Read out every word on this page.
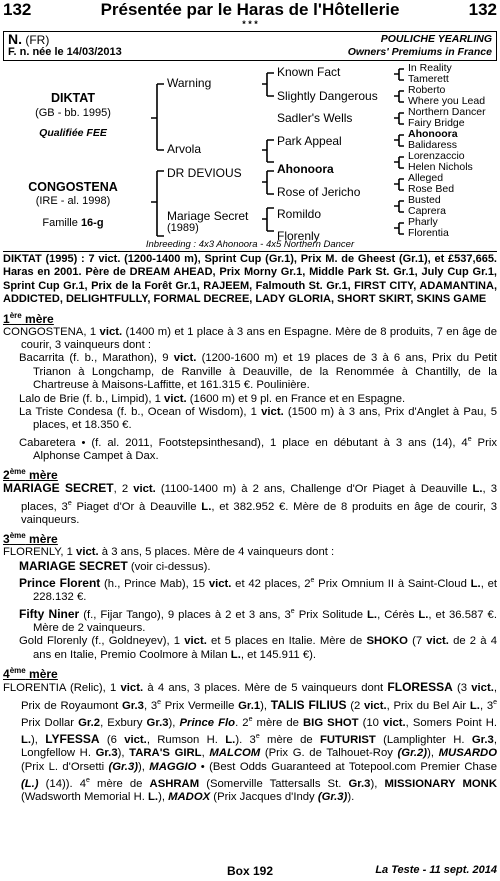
132	Présentée par le Haras de l'Hôtellerie	132
* * *
N. (FR)
F. n. née le 14/03/2013
POULICHE YEARLING
Owners' Premiums in France
DIKTAT
(GB - bb. 1995)
Qualifiée FEE
CONGOSTENA
(IRE - al. 1998)
Famille 16-g
Warning
Arvola
DR DEVIOUS
Mariage Secret
(1989)
Known Fact
Slightly Dangerous
Sadler's Wells
Park Appeal
Ahonoora
Rose of Jericho
Romildo
Florenly
In Reality
Tamerett
Roberto
Where you Lead
Northern Dancer
Fairy Bridge
Ahonoora
Balidaress
Lorenzaccio
Helen Nichols
Alleged
Rose Bed
Busted
Caprera
Pharly
Florentia
Inbreeding : 4x3 Ahonoora - 4x5 Northern Dancer

DIKTAT (1995) : 7 vict. (1200-1400 m), Sprint Cup (Gr.1), Prix M. de Gheest (Gr.1), et £537,665. Haras en 2001. Père de DREAM AHEAD, Prix Morny Gr.1, Middle Park St. Gr.1, July Cup Gr.1, Sprint Cup Gr.1, Prix de la Forêt Gr.1, RAJEEM, Falmouth St. Gr.1, FIRST CITY, ADAMANTINA, ADDICTED, DELIGHTFULLY, FORMAL DECREE, LADY GLORIA, SHORT SKIRT, SKINS GAME

1ère mère

CONGOSTENA, 1 vict. (1400 m) et 1 place à 3 ans en Espagne. Mère de 8 produits, 7 en âge de courir, 3 vainqueurs dont :

Bacarrita (f. b., Marathon), 9 vict. (1200-1600 m) et 19 places de 3 à 6 ans, Prix du Petit Trianon à Longchamp, de Ranville à Deauville, de la Renommée à Chantilly, de la Chartreuse à Maisons-Laffitte, et 161.315 €. Poulinière.

Lalo de Brie (f. b., Limpid), 1 vict. (1600 m) et 9 pl. en France et en Espagne.

La Triste Condesa (f. b., Ocean of Wisdom), 1 vict. (1500 m) à 3 ans, Prix d'Anglet à Pau, 5 places, et 18.350 €.

Cabaretera • (f. al. 2011, Footstepsinthesand), 1 place en débutant à 3 ans (14), 4e Prix Alphonse Campet à Dax.

2ème mère

MARIAGE SECRET, 2 vict. (1100-1400 m) à 2 ans, Challenge d'Or Piaget à Deauville L., 3 places, 3e Piaget d'Or à Deauville L., et 382.952 €. Mère de 8 produits en âge de courir, 3 vainqueurs.

3ème mère

FLORENLY, 1 vict. à 3 ans, 5 places. Mère de 4 vainqueurs dont :

MARIAGE SECRET (voir ci-dessus).

Prince Florent (h., Prince Mab), 15 vict. et 42 places, 2e Prix Omnium II à Saint-Cloud L., et 228.132 €.

Fifty Niner (f., Fijar Tango), 9 places à 2 et 3 ans, 3e Prix Solitude L., Cérès L., et 36.587 €. Mère de 2 vainqueurs.

Gold Florenly (f., Goldneyev), 1 vict. et 5 places en Italie. Mère de SHOKO (7 vict. de 2 à 4 ans en Italie, Premio Coolmore à Milan L., et 145.911 €).

4ème mère

FLORENTIA (Relic), 1 vict. à 4 ans, 3 places. Mère de 5 vainqueurs dont FLORESSA (3 vict., Prix de Royaumont Gr.3, 3e Prix Vermeille Gr.1), TALIS FILIUS (2 vict., Prix du Bel Air L., 3e Prix Dollar Gr.2, Exbury Gr.3), Prince Flo. 2e mère de BIG SHOT (10 vict., Somers Point H. L.), LYFESSA (6 vict., Rumson H. L.). 3e mère de FUTURIST (Lamplighter H. Gr.3, Longfellow H. Gr.3), TARA'S GIRL, MALCOM (Prix G. de Talhouet-Roy (Gr.2)), MUSARDO (Prix L. d'Orsetti (Gr.3)), MAGGIO • (Best Odds Guaranteed at Totepool.com Premier Chase (L.) (14)). 4e mère de ASHRAM (Somerville Tattersalls St. Gr.3), MISSIONARY MONK (Wadsworth Memorial H. L.), MADOX (Prix Jacques d'Indy (Gr.3)).

Box 192	La Teste - 11 sept. 2014
